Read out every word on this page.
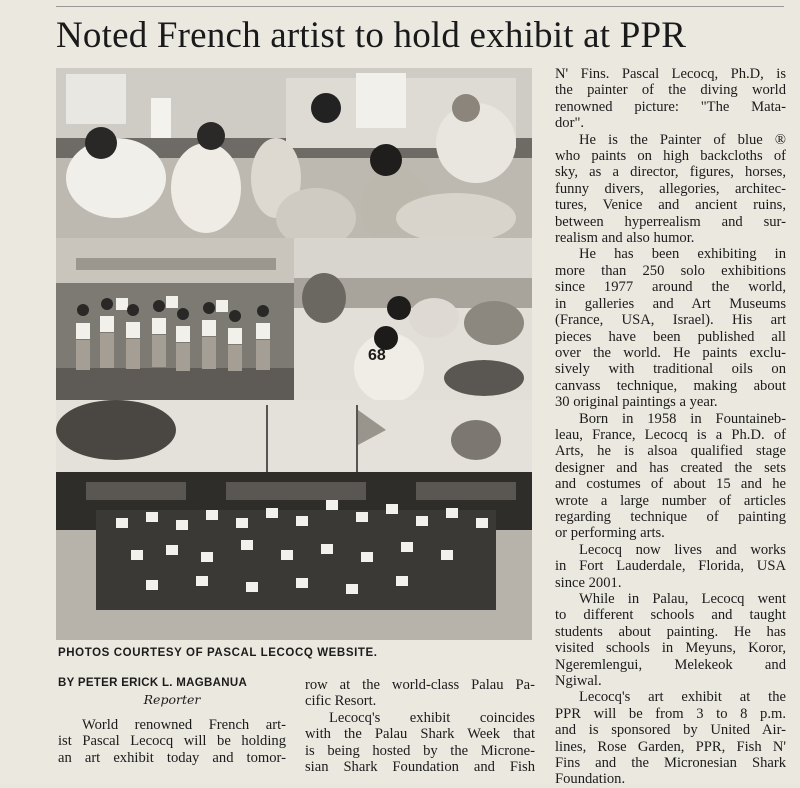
Noted French artist to hold exhibit at PPR
68
PHOTOS COURTESY OF PASCAL LECOCQ WEBSITE.
BY PETER ERICK L. MAGBANUA
Reporter
World renowned French art-
ist Pascal Lecocq will be holding
an art exhibit today and tomor-
row at the world-class Palau Pa-
cific Resort.
Lecocq's exhibit coincides
with the Palau Shark Week that
is being hosted by the Microne-
sian Shark Foundation and Fish
N' Fins. Pascal Lecocq, Ph.D, is
the painter of the diving world
renowned picture: "The Mata-
dor".
He is the Painter of blue ®
who paints on high backcloths of
sky, as a director, figures, horses,
funny divers, allegories, architec-
tures, Venice and ancient ruins,
between hyperrealism and sur-
realism and also humor.
He has been exhibiting in
more than 250 solo exhibitions
since 1977 around the world,
in galleries and Art Museums
(France, USA, Israel). His art
pieces have been published all
over the world. He paints exclu-
sively with traditional oils on
canvass technique, making about
30 original paintings a year.
Born in 1958 in Fountaineb-
leau, France, Lecocq is a Ph.D. of
Arts, he is alsoa qualified stage
designer and has created the sets
and costumes of about 15 and he
wrote a large number of articles
regarding technique of painting
or performing arts.
Lecocq now lives and works
in Fort Lauderdale, Florida, USA
since 2001.
While in Palau, Lecocq went
to different schools and taught
students about painting. He has
visited schools in Meyuns, Koror,
Ngeremlengui, Melekeok and
Ngiwal.
Lecocq's art exhibit at the
PPR will be from 3 to 8 p.m.
and is sponsored by United Air-
lines, Rose Garden, PPR, Fish N'
Fins and the Micronesian Shark
Foundation.
